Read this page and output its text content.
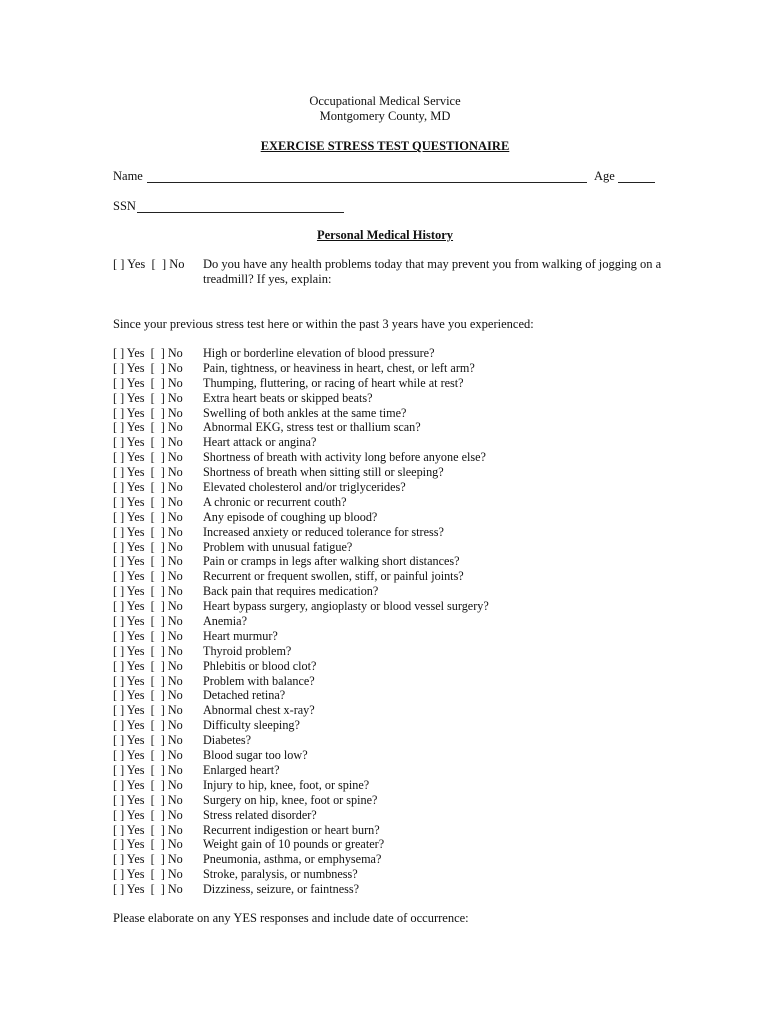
Occupational Medical Service
Montgomery County, MD
EXERCISE STRESS TEST QUESTIONAIRE
Name	Age
SSN
Personal Medical History
[ ] Yes  [  ] No Do you have any health problems today that may prevent you from walking of jogging on a treadmill? If yes, explain:
Since your previous stress test here or within the past 3 years have you experienced:
[ ] Yes  [  ] No High or borderline elevation of blood pressure?
[ ] Yes  [  ] No Pain, tightness, or heaviness in heart, chest, or left arm?
[ ] Yes  [  ] No Thumping, fluttering, or racing of heart while at rest?
[ ] Yes  [  ] No Extra heart beats or skipped beats?
[ ] Yes  [  ] No Swelling of both ankles at the same time?
[ ] Yes  [  ] No Abnormal EKG, stress test or thallium scan?
[ ] Yes  [  ] No Heart attack or angina?
[ ] Yes  [  ] No Shortness of breath with activity long before anyone else?
[ ] Yes  [  ] No Shortness of breath when sitting still or sleeping?
[ ] Yes  [  ] No Elevated cholesterol and/or triglycerides?
[ ] Yes  [  ] No A chronic or recurrent couth?
[ ] Yes  [  ] No Any episode of coughing up blood?
[ ] Yes  [  ] No Increased anxiety or reduced tolerance for stress?
[ ] Yes  [  ] No Problem with unusual fatigue?
[ ] Yes  [  ] No Pain or cramps in legs after walking short distances?
[ ] Yes  [  ] No Recurrent or frequent swollen, stiff, or painful joints?
[ ] Yes  [  ] No Back pain that requires medication?
[ ] Yes  [  ] No Heart bypass surgery, angioplasty or blood vessel surgery?
[ ] Yes  [  ] No Anemia?
[ ] Yes  [  ] No Heart murmur?
[ ] Yes  [  ] No Thyroid problem?
[ ] Yes  [  ] No Phlebitis or blood clot?
[ ] Yes  [  ] No Problem with balance?
[ ] Yes  [  ] No Detached retina?
[ ] Yes  [  ] No Abnormal chest x-ray?
[ ] Yes  [  ] No Difficulty sleeping?
[ ] Yes  [  ] No Diabetes?
[ ] Yes  [  ] No Blood sugar too low?
[ ] Yes  [  ] No Enlarged heart?
[ ] Yes  [  ] No Injury to hip, knee, foot, or spine?
[ ] Yes  [  ] No Surgery on hip, knee, foot or spine?
[ ] Yes  [  ] No Stress related disorder?
[ ] Yes  [  ] No Recurrent indigestion or heart burn?
[ ] Yes  [  ] No Weight gain of 10 pounds or greater?
[ ] Yes  [  ] No Pneumonia, asthma, or emphysema?
[ ] Yes  [  ] No Stroke, paralysis, or numbness?
[ ] Yes  [  ] No Dizziness, seizure, or faintness?
Please elaborate on any YES responses and include date of occurrence:
